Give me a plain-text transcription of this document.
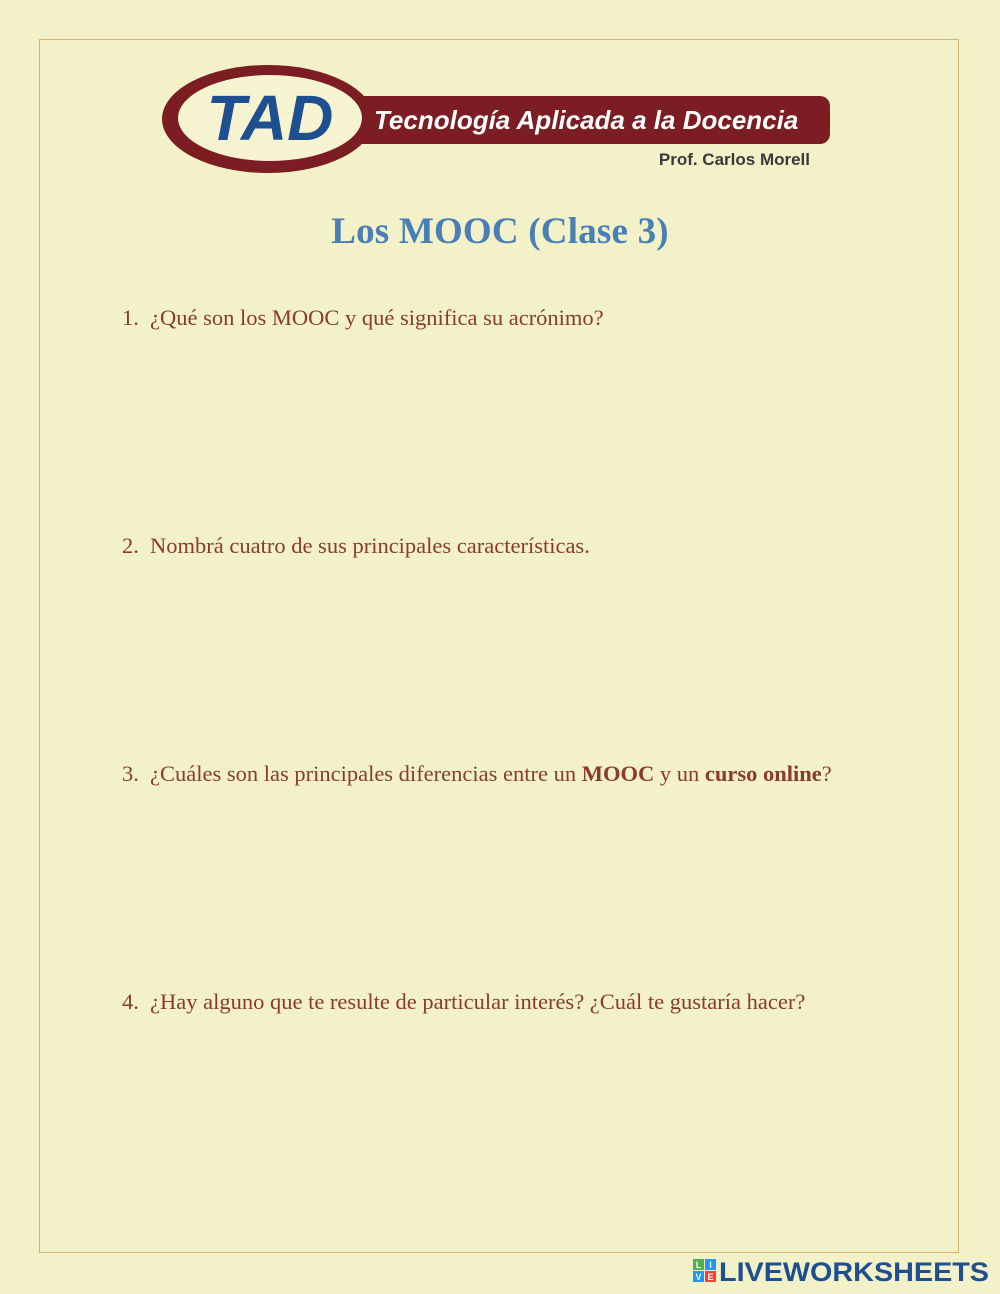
TAD Tecnología Aplicada a la Docencia
Prof. Carlos Morell
Los MOOC (Clase 3)
1. ¿Qué son los MOOC y qué significa su acrónimo?
2. Nombrá cuatro de sus principales características.
3. ¿Cuáles son las principales diferencias entre un MOOC y un curso online?
4. ¿Hay alguno que te resulte de particular interés? ¿Cuál te gustaría hacer?
L I
V E LIVEWORKSHEETS
